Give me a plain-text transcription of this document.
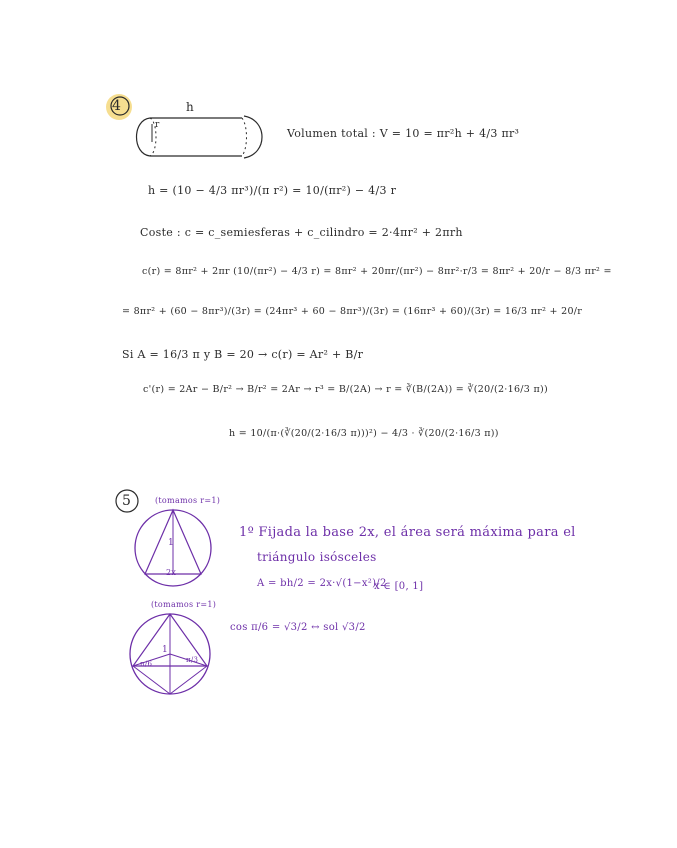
4	h
r
Volumen total : V = 10 = πr²h + 4/3 πr³
h = (10 − 4/3 πr³)/(π r²) = 10/(πr²) − 4/3 r
Coste : c = c_semiesferas + c_cilindro = 2·4πr² + 2πrh
c(r) = 8πr² + 2πr (10/(πr²) − 4/3 r) = 8πr² + 20πr/(πr²) − 8πr²·r/3 = 8πr² + 20/r − 8/3 πr² =
= 8πr² + (60 − 8πr³)/(3r) = (24πr³ + 60 − 8πr³)/(3r) = (16πr³ + 60)/(3r) = 16/3 πr² + 20/r
Si A = 16/3 π y B = 20 → c(r) = Ar² + B/r
c'(r) = 2Ar − B/r² → B/r² = 2Ar → r³ = B/(2A) → r = ∛(B/(2A)) = ∛(20/(2·16/3 π))
h = 10/(π·(∛(20/(2·16/3 π)))²) − 4/3 · ∛(20/(2·16/3 π))
5	(tomamos r=1)
1
2x
1º Fijada la base 2x, el área será máxima para el
triángulo isósceles
A = bh/2 = 2x·√(1−x²)/2
x ∈ [0, 1]
(tomamos r=1)
1
π/3
π/6
cos π/6 = √3/2 ↔ sol √3/2
